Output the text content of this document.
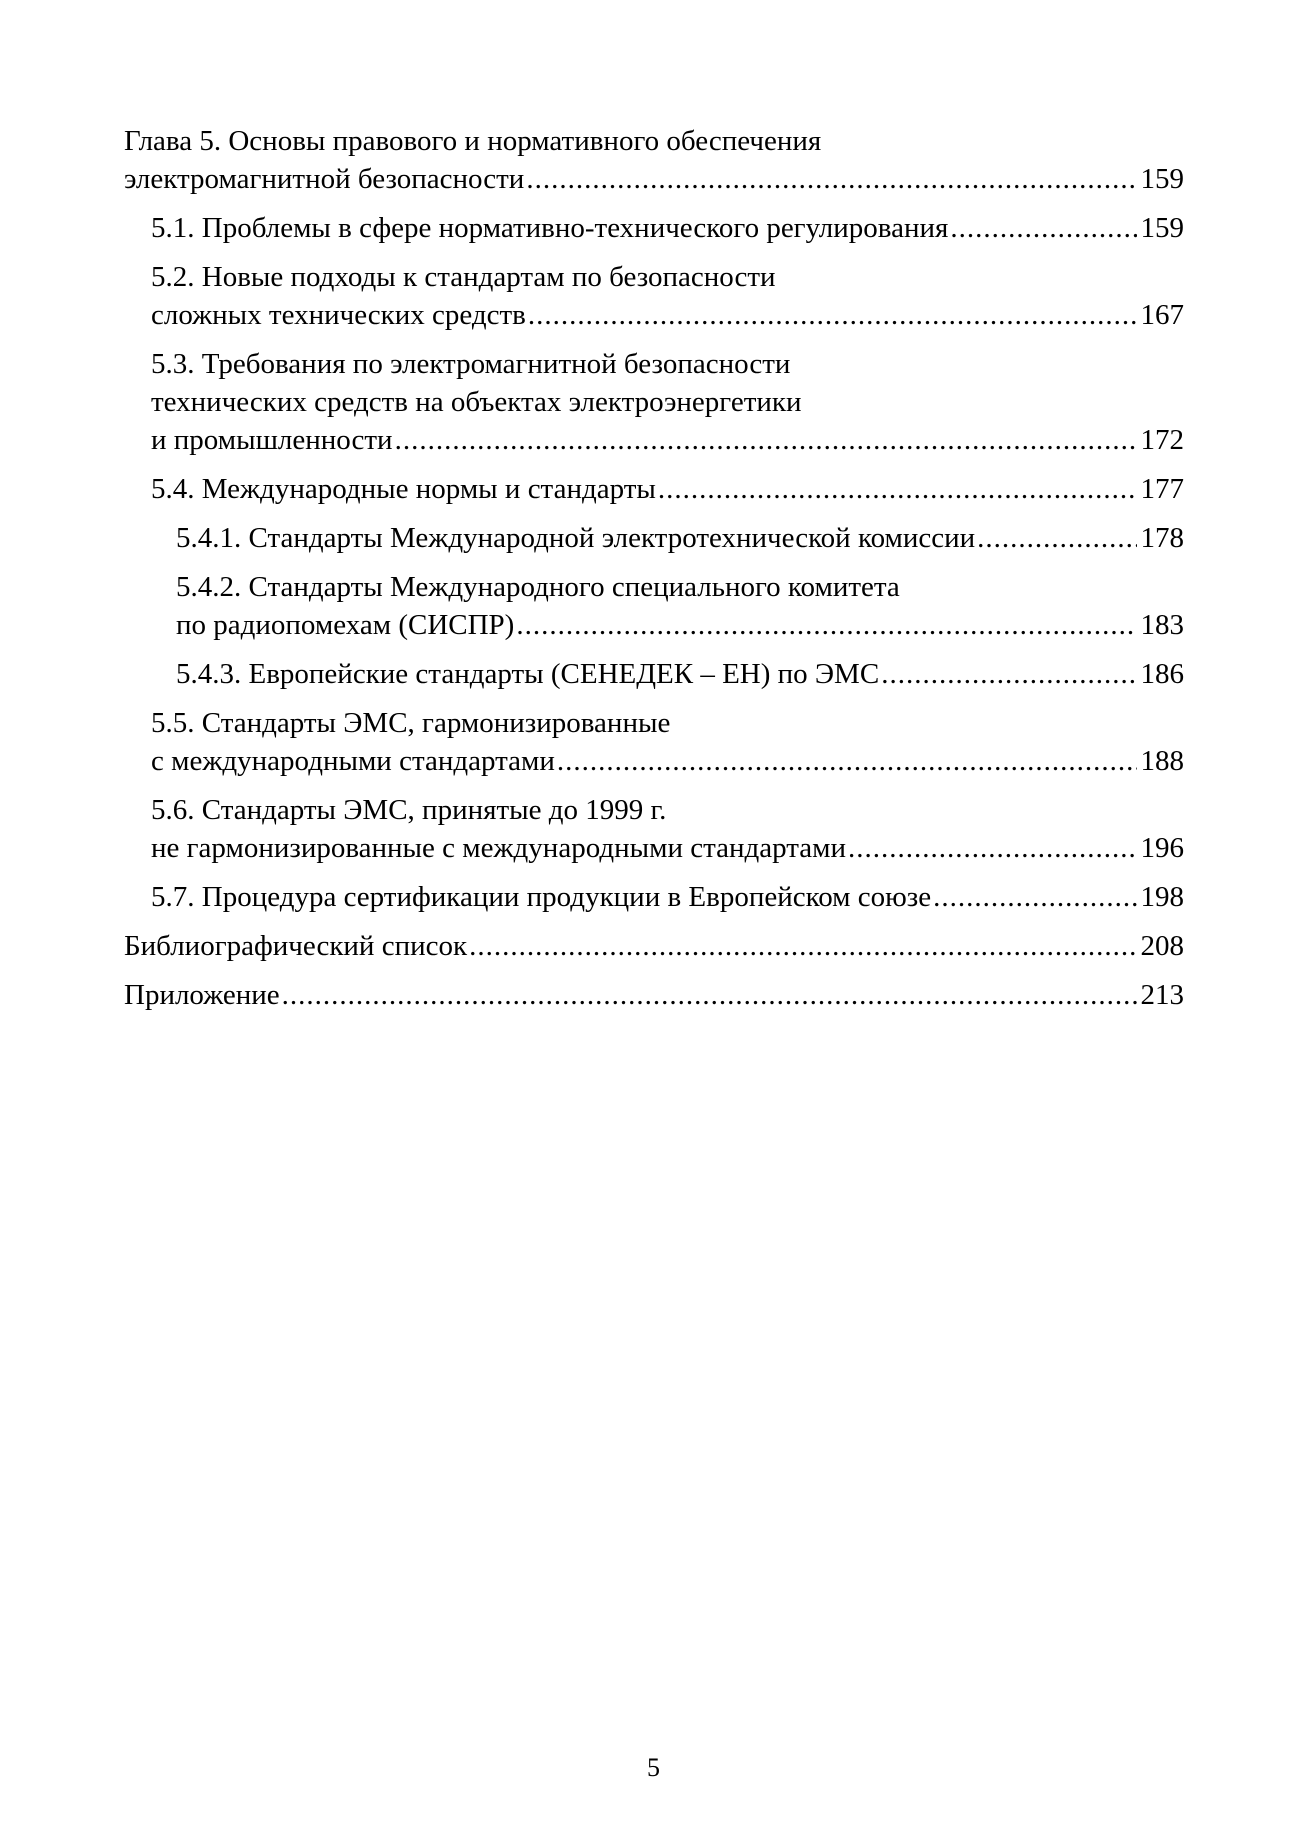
Глава 5. Основы правового и нормативного обеспечения
электромагнитной безопасности .....	159
5.1. Проблемы в сфере нормативно-технического регулирования .....	159
5.2. Новые подходы к стандартам по безопасности
сложных технических средств .....	167
5.3. Требования по электромагнитной безопасности
технических средств на объектах электроэнергетики
и промышленности .....	172
5.4. Международные нормы и стандарты .....	177
5.4.1. Стандарты Международной электротехнической комиссии .....	178
5.4.2. Стандарты Международного специального комитета
по радиопомехам (СИСПР) .....	183
5.4.3. Европейские стандарты (СЕНЕДЕК – ЕН) по ЭМС .....	186
5.5. Стандарты ЭМС, гармонизированные
с международными стандартами .....	188
5.6. Стандарты ЭМС, принятые до 1999 г.
не гармонизированные с международными стандартами .....	196
5.7. Процедура сертификации продукции в Европейском союзе .....	198
Библиографический список .....	208
Приложение .....	213
5
